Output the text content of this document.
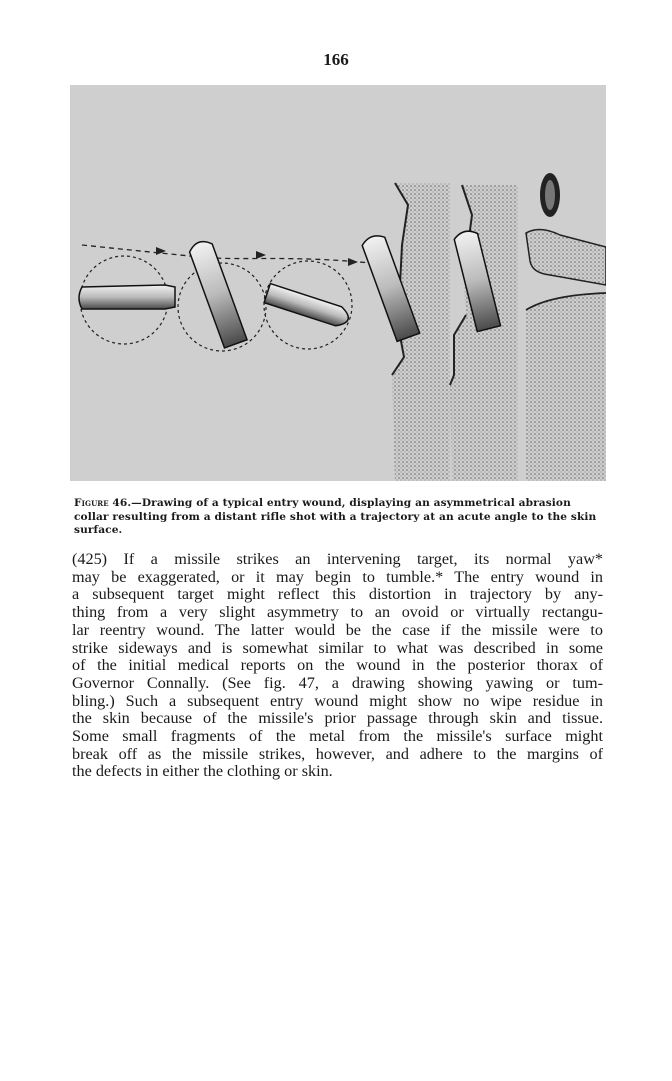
166
Figure 46.—Drawing of a typical entry wound, displaying an asymmetrical abrasion collar resulting from a distant rifle shot with a trajectory at an acute angle to the skin surface.
(425) If a missile strikes an intervening target, its normal yaw*
may be exaggerated, or it may begin to tumble.* The entry wound in
a subsequent target might reflect this distortion in trajectory by any-
thing from a very slight asymmetry to an ovoid or virtually rectangu-
lar reentry wound. The latter would be the case if the missile were to
strike sideways and is somewhat similar to what was described in some
of the initial medical reports on the wound in the posterior thorax of
Governor Connally. (See fig. 47, a drawing showing yawing or tum-
bling.) Such a subsequent entry wound might show no wipe residue in
the skin because of the missile's prior passage through skin and tissue.
Some small fragments of the metal from the missile's surface might
break off as the missile strikes, however, and adhere to the margins of
the defects in either the clothing or skin.
